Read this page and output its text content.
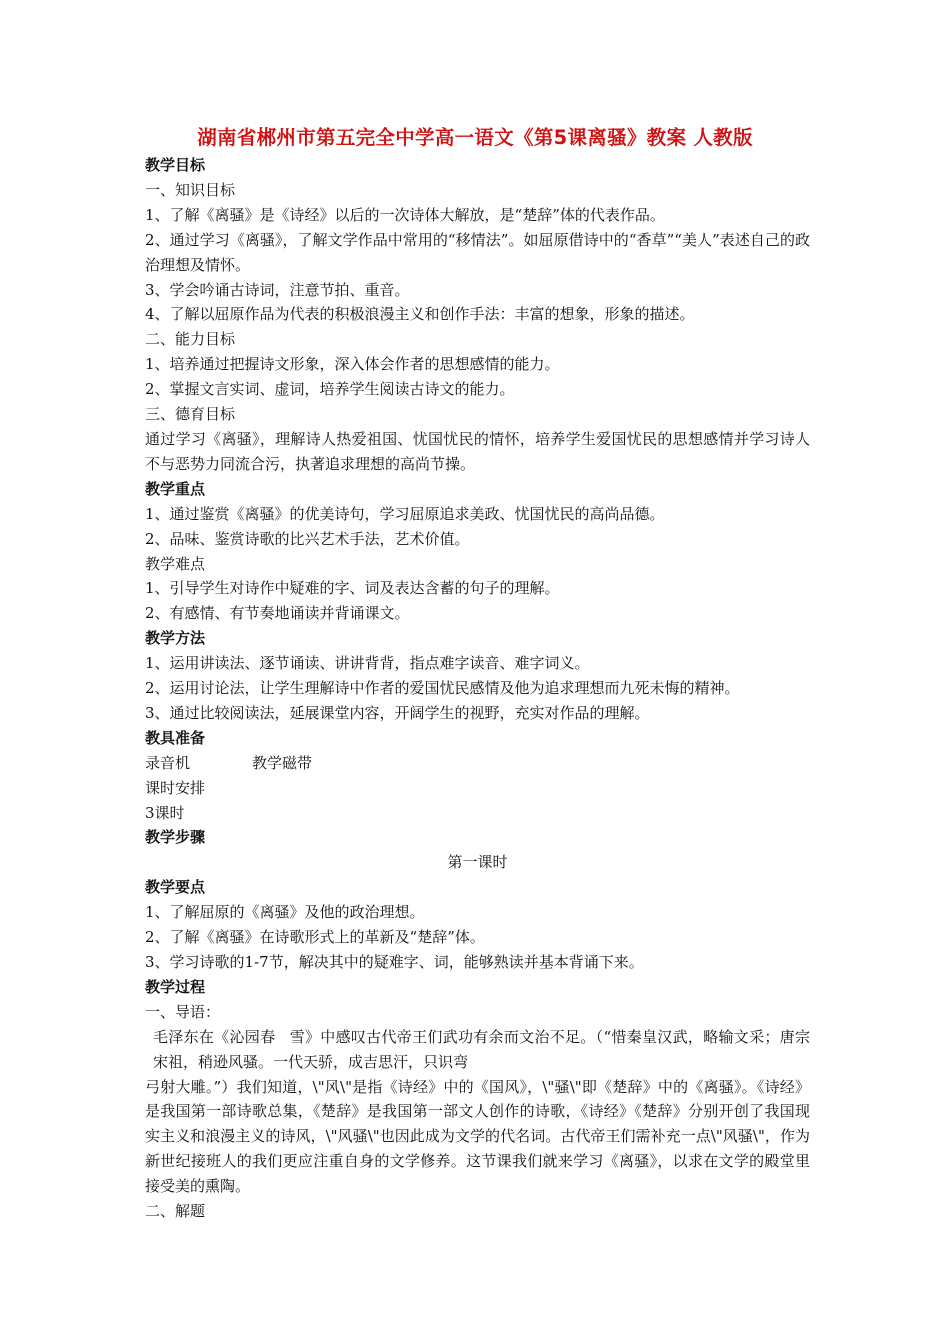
湖南省郴州市第五完全中学高一语文《第5课离骚》教案 人教版
教学目标
一、知识目标
1、了解《离骚》是《诗经》以后的一次诗体大解放，是“楚辞”体的代表作品。
2、通过学习《离骚》，了解文学作品中常用的“移情法”。如屈原借诗中的“香草”“美人”表述自己的政治理想及情怀。
3、学会吟诵古诗词，注意节拍、重音。
4、了解以屈原作品为代表的积极浪漫主义和创作手法：丰富的想象，形象的描述。
二、能力目标
1、培养通过把握诗文形象，深入体会作者的思想感情的能力。
2、掌握文言实词、虚词，培养学生阅读古诗文的能力。
三、德育目标
通过学习《离骚》，理解诗人热爱祖国、忧国忧民的情怀，培养学生爱国忧民的思想感情并学习诗人不与恶势力同流合污，执著追求理想的高尚节操。
教学重点
1、通过鉴赏《离骚》的优美诗句，学习屈原追求美政、忧国忧民的高尚品德。
2、品味、鉴赏诗歌的比兴艺术手法，艺术价值。
教学难点
1、引导学生对诗作中疑难的字、词及表达含蓄的句子的理解。
2、有感情、有节奏地诵读并背诵课文。
教学方法
1、运用讲读法、逐节诵读、讲讲背背，指点难字读音、难字词义。
2、运用讨论法，让学生理解诗中作者的爱国忧民感情及他为追求理想而九死未悔的精神。
3、通过比较阅读法，延展课堂内容，开阔学生的视野，充实对作品的理解。
教具准备
录音机	教学磁带
课时安排
3课时
教学步骤
第一课时
教学要点
1、了解屈原的《离骚》及他的政治理想。
2、了解《离骚》在诗歌形式上的革新及“楚辞”体。
3、学习诗歌的1-7节，解决其中的疑难字、词，能够熟读并基本背诵下来。
教学过程
一、导语：
毛泽东在《沁园春 雪》中感叹古代帝王们武功有余而文治不足。（“惜秦皇汉武，略输文采；唐宗宋祖，稍逊风骚。一代天骄，成吉思汗，只识弯
弓射大雕。”）我们知道，\"风\"是指《诗经》中的《国风》，\"骚\"即《楚辞》中的《离骚》。《诗经》是我国第一部诗歌总集，《楚辞》是我国第一部文人创作的诗歌，《诗经》《楚辞》分别开创了我国现实主义和浪漫主义的诗风，\"风骚\"也因此成为文学的代名词。古代帝王们需补充一点\"风骚\"，作为新世纪接班人的我们更应注重自身的文学修养。这节课我们就来学习《离骚》，以求在文学的殿堂里接受美的熏陶。
二、解题
